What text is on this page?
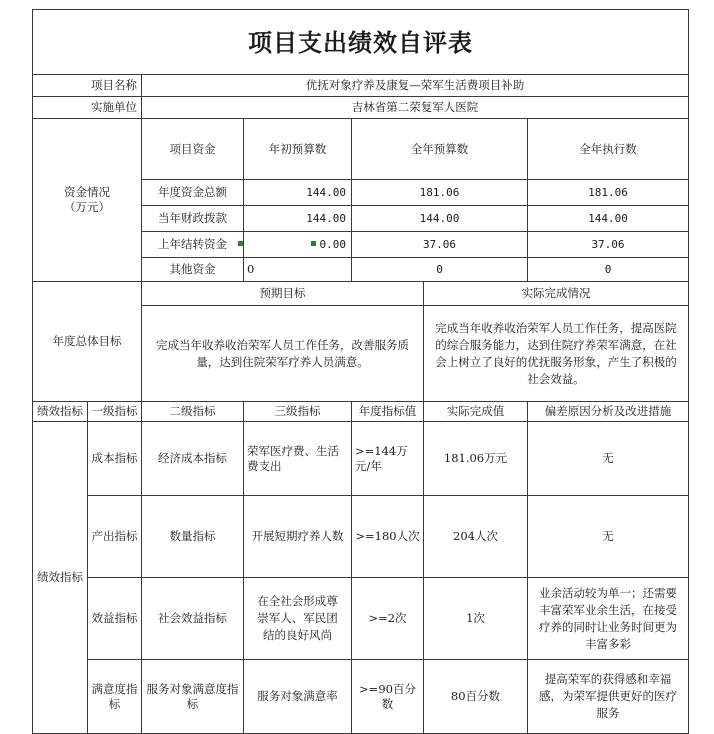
项目支出绩效自评表							
项目名称		优抚对象疗养及康复—荣军生活费项目补助					
实施单位		吉林省第二荣复军人医院					
资金情况
（万元）		项目资金	年初预算数	全年预算数		全年执行数	
		年度资金总额	144.00	181.06		181.06	
		当年财政拨款	144.00	144.00		144.00	
		上年结转资金	0.00	37.06		37.06	
		其他资金	0	0		0	
年度总体目标		预期目标			实际完成情况		
		完成当年收养收治荣军人员工作任务，改善服务质量，达到住院荣军疗养人员满意。			完成当年收养收治荣军人员工作任务，提高医院的综合服务能力，达到住院疗养荣军满意，在社会上树立了良好的优抚服务形象，产生了积极的社会效益。		
绩效指标	一级指标	二级指标	三级指标	年度指标值	实际完成值	偏差原因分析及改进措施	
绩效指标	成本指标	经济成本指标	荣军医疗费、生活费支出	>=144万元/年	181.06万元	无	
	产出指标	数量指标	开展短期疗养人数	>=180人次	204人次	无	
	效益指标	社会效益指标	在全社会形成尊崇军人、军民团结的良好风尚	>=2次	1次	业余活动较为单一；还需要丰富荣军业余生活，在接受疗养的同时让业务时间更为丰富多彩	
	满意度指标	服务对象满意度指标	服务对象满意率	>=90百分数	80百分数	提高荣军的获得感和幸福感，为荣军提供更好的医疗服务	
